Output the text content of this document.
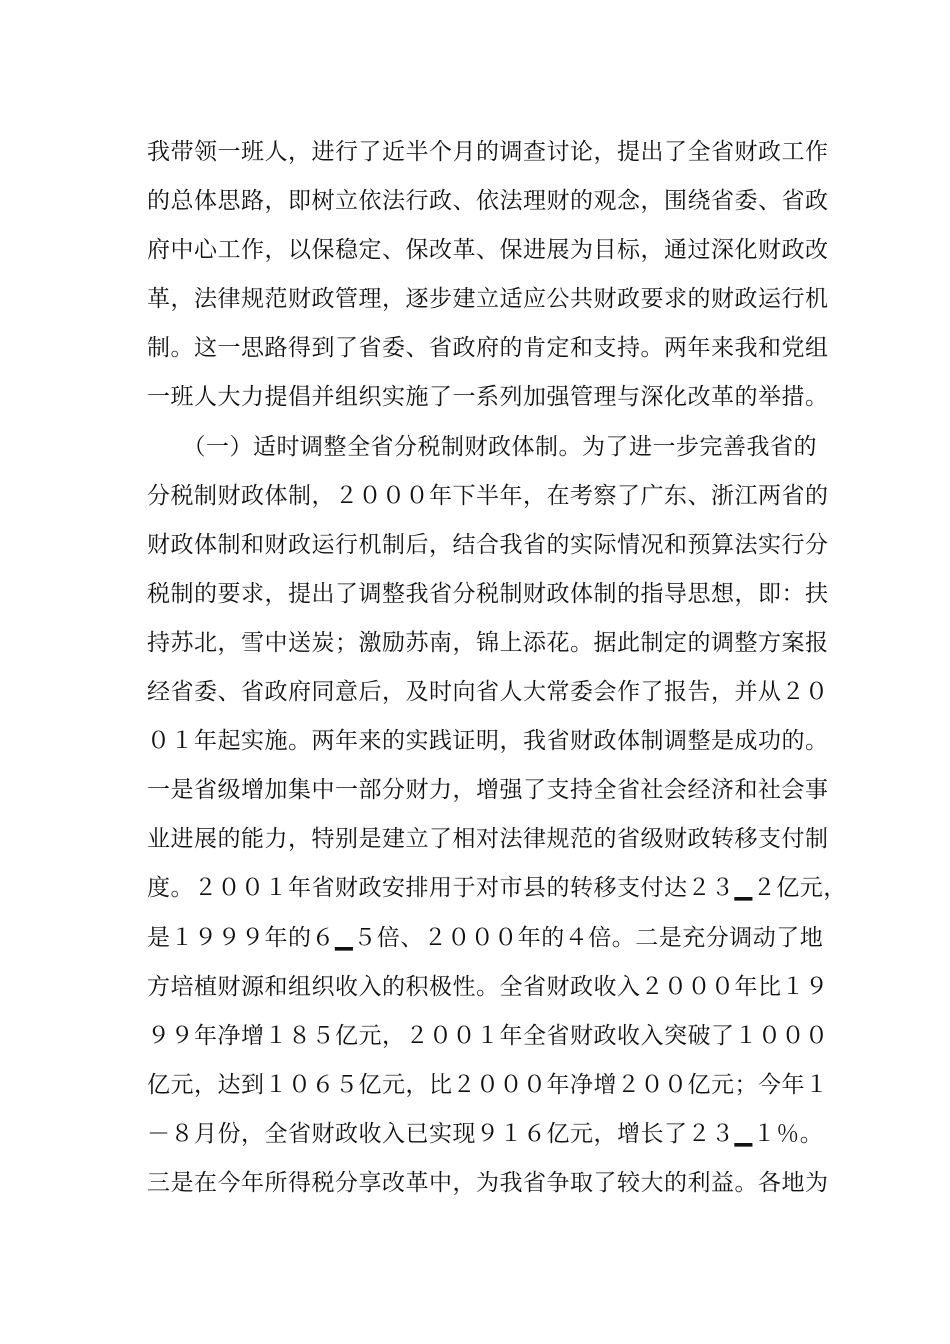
我带领一班人，进行了近半个月的调查讨论，提出了全省财政工作
的总体思路，即树立依法行政、依法理财的观念，围绕省委、省政
府中心工作，以保稳定、保改革、保进展为目标，通过深化财政改
革，法律规范财政管理，逐步建立适应公共财政要求的财政运行机
制。这一思路得到了省委、省政府的肯定和支持。两年来我和党组
一班人大力提倡并组织实施了一系列加强管理与深化改革的举措。
　　（一）适时调整全省分税制财政体制。为了进一步完善我省的
分税制财政体制，２０００年下半年，在考察了广东、浙江两省的
财政体制和财政运行机制后，结合我省的实际情况和预算法实行分
税制的要求，提出了调整我省分税制财政体制的指导思想，即：扶
持苏北，雪中送炭；激励苏南，锦上添花。据此制定的调整方案报
经省委、省政府同意后，及时向省人大常委会作了报告，并从２０
０１年起实施。两年来的实践证明，我省财政体制调整是成功的。
一是省级增加集中一部分财力，增强了支持全省社会经济和社会事
业进展的能力，特别是建立了相对法律规范的省级财政转移支付制
度。２００１年省财政安排用于对市县的转移支付达２３▁２亿元，
是１９９９年的６▁５倍、２０００年的４倍。二是充分调动了地
方培植财源和组织收入的积极性。全省财政收入２０００年比１９
９９年净增１８５亿元，２００１年全省财政收入突破了１０００
亿元，达到１０６５亿元，比２０００年净增２００亿元；今年１
－８月份，全省财政收入已实现９１６亿元，增长了２３▁１％。
三是在今年所得税分享改革中，为我省争取了较大的利益。各地为
